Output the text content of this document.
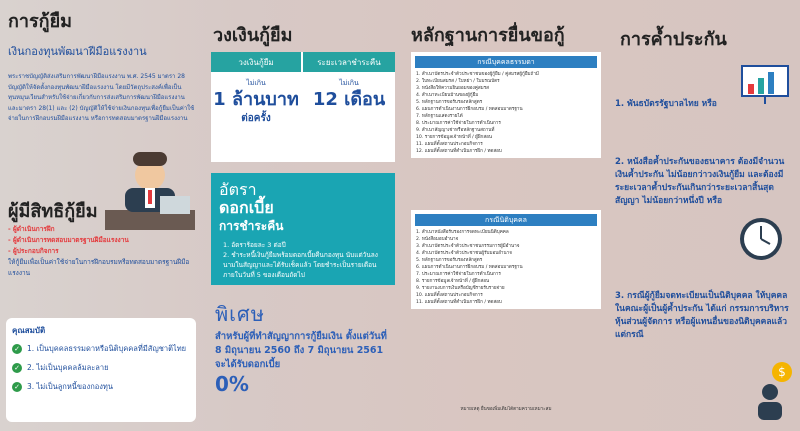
การกู้ยืม
เงินกองทุนพัฒนาฝีมือแรงงาน
พระราชบัญญัติส่งเสริมการพัฒนาฝีมือแรงงาน พ.ศ. 2545 มาตรา 28 บัญญัติให้จัดตั้งกองทุนพัฒนาฝีมือแรงงาน โดยมีวัตถุประสงค์เพื่อเป็นทุนหมุนเวียนสำหรับใช้จ่ายเกี่ยวกับการส่งเสริมการพัฒนาฝีมือแรงงาน และมาตรา 28(1) และ (2) บัญญัติให้ใช้จ่ายเงินกองทุนเพื่อกู้ยืมเป็นค่าใช้จ่ายในการฝึกอบรมฝีมือแรงงาน หรือการทดสอบมาตรฐานฝีมือแรงงาน
ผู้มีสิทธิกู้ยืม
- ผู้ดำเนินการฝึก
- ผู้ดำเนินการทดสอบมาตรฐานฝีมือแรงงาน
- ผู้ประกอบกิจการ
ให้กู้ยืมเพื่อเป็นค่าใช้จ่ายในการฝึกอบรมหรือทดสอบมาตรฐานฝีมือแรงงาน
คุณสมบัติ
✓ 1. เป็นบุคคลธรรมดาหรือนิติบุคคลที่มีสัญชาติไทย
✓ 2. ไม่เป็นบุคคลล้มละลาย
✓ 3. ไม่เป็นลูกหนี้ของกองทุน
วงเงินกู้ยืม
วงเงินกู้ยืม	ระยะเวลาชำระคืน
ไม่เกิน
1 ล้านบาท
ต่อครั้ง
ไม่เกิน
12 เดือน
อัตรา
ดอกเบี้ย
การชำระคืน
1. อัตราร้อยละ 3 ต่อปี
2. ชำระหนี้เงินกู้ยืมพร้อมดอกเบี้ยคืนกองทุน นับแต่วันลงนามในสัญญาและได้รับเช็คแล้ว โดยชำระเป็นรายเดือน ภายในวันที่ 5 ของเดือนถัดไป
พิเศษ
สำหรับผู้ที่ทำสัญญาการกู้ยืมเงิน ตั้งแต่วันที่ 8 มิถุนายน 2560 ถึง 7 มิถุนายน 2561 จะได้รับดอกเบี้ย
0%
หลักฐานการยื่นขอกู้
กรณีบุคคลธรรมดา
1. สำเนาบัตรประจำตัวประชาชนของผู้กู้ยืม / คู่สมรสผู้กู้ยืมถ้ามี
2. ใบทะเบียนสมรส / ใบหย่า / ใบมรณบัตร
3. หนังสือให้ความยินยอมของคู่สมรส
4. สำเนาทะเบียนบ้านของผู้กู้ยืม
5. หลักฐานการขอรับรองหลักสูตร
6. แผนการดำเนินงานการฝึกอบรม / ทดสอบมาตรฐาน
7. หลักฐานแสดงรายได้
8. ประมาณการค่าใช้จ่ายในการดำเนินการ
9. สำเนาสัญญาเช่าหรือหลักฐานสถานที่
10. รายการข้อมูลเจ้าหน้าที่ / ผู้ฝึกสอน
11. แผนที่ตั้งสถานประกอบกิจการ
12. แผนที่ตั้งสถานที่ดำเนินการฝึก / ทดสอบ
กรณีนิติบุคคล
1. สำเนาหนังสือรับรองการจดทะเบียนนิติบุคคล
2. หนังสือมอบอำนาจ
3. สำเนาบัตรประจำตัวประชาชนกรรมการผู้มีอำนาจ
4. สำเนาบัตรประจำตัวประชาชนผู้รับมอบอำนาจ
5. หลักฐานการขอรับรองหลักสูตร
6. แผนการดำเนินงานการฝึกอบรม / ทดสอบมาตรฐาน
7. ประมาณการค่าใช้จ่ายในการดำเนินการ
8. รายการข้อมูลเจ้าหน้าที่ / ผู้ฝึกสอน
9. รายงานงบการเงินหรือบัญชีรายรับรายจ่าย
10. แผนที่ตั้งสถานประกอบกิจการ
11. แผนที่ตั้งสถานที่ดำเนินการฝึก / ทดสอบ
หมายเหตุ ยื่นขอเพิ่มเติมได้ตามความเหมาะสม
การค้ำประกัน
1. พันธบัตรรัฐบาลไทย หรือ
2. หนังสือค้ำประกันของธนาคาร ต้องมีจำนวนเงินค้ำประกัน ไม่น้อยกว่าวงเงินกู้ยืม และต้องมีระยะเวลาค้ำประกันเกินกว่าระยะเวลาสิ้นสุดสัญญา ไม่น้อยกว่าหนึ่งปี หรือ
3. กรณีผู้กู้ยืมจดทะเบียนเป็นนิติบุคคล ให้บุคคลในคณะผู้เป็นผู้ค้ำประกัน ได้แก่ กรรมการบริหาร หุ้นส่วนผู้จัดการ หรือผู้แทนอื่นของนิติบุคคลแล้วแต่กรณี
$
